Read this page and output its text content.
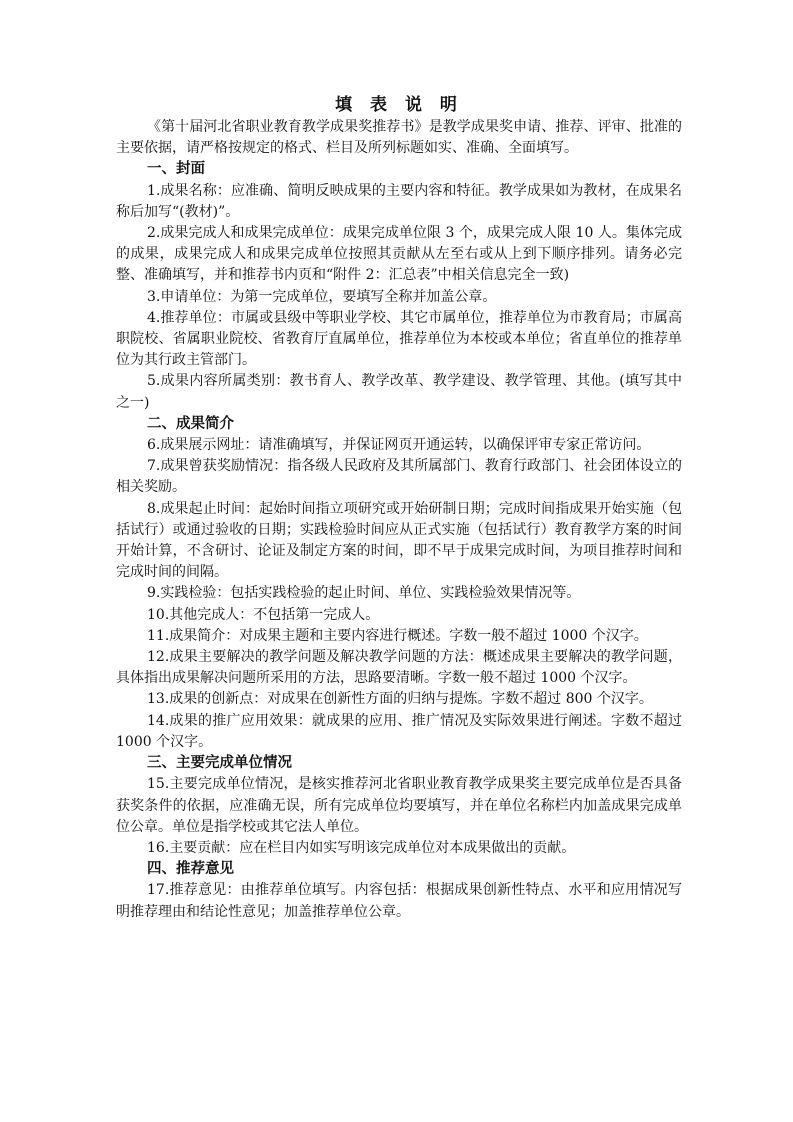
填 表 说 明

《第十届河北省职业教育教学成果奖推荐书》是教学成果奖申请、推荐、评审、批准的主要依据，请严格按规定的格式、栏目及所列标题如实、准确、全面填写。

一、封面

1.成果名称：应准确、简明反映成果的主要内容和特征。教学成果如为教材，在成果名称后加写“(教材)”。

2.成果完成人和成果完成单位：成果完成单位限 3 个，成果完成人限 10 人。集体完成的成果，成果完成人和成果完成单位按照其贡献从左至右或从上到下顺序排列。请务必完整、准确填写，并和推荐书内页和“附件 2：汇总表”中相关信息完全一致)

3.申请单位：为第一完成单位，要填写全称并加盖公章。

4.推荐单位：市属或县级中等职业学校、其它市属单位，推荐单位为市教育局；市属高职院校、省属职业院校、省教育厅直属单位，推荐单位为本校或本单位；省直单位的推荐单位为其行政主管部门。

5.成果内容所属类别：教书育人、教学改革、教学建设、教学管理、其他。(填写其中之一)

二、成果简介

6.成果展示网址：请准确填写，并保证网页开通运转，以确保评审专家正常访问。

7.成果曾获奖励情况：指各级人民政府及其所属部门、教育行政部门、社会团体设立的相关奖励。

8.成果起止时间：起始时间指立项研究或开始研制日期；完成时间指成果开始实施（包括试行）或通过验收的日期；实践检验时间应从正式实施（包括试行）教育教学方案的时间开始计算，不含研讨、论证及制定方案的时间，即不早于成果完成时间，为项目推荐时间和完成时间的间隔。

9.实践检验：包括实践检验的起止时间、单位、实践检验效果情况等。

10.其他完成人：不包括第一完成人。

11.成果简介：对成果主题和主要内容进行概述。字数一般不超过 1000 个汉字。

12.成果主要解决的教学问题及解决教学问题的方法：概述成果主要解决的教学问题，具体指出成果解决问题所采用的方法，思路要清晰。字数一般不超过 1000 个汉字。

13.成果的创新点：对成果在创新性方面的归纳与提炼。字数不超过 800 个汉字。

14.成果的推广应用效果：就成果的应用、推广情况及实际效果进行阐述。字数不超过 1000 个汉字。

三、主要完成单位情况

15.主要完成单位情况，是核实推荐河北省职业教育教学成果奖主要完成单位是否具备获奖条件的依据，应准确无误，所有完成单位均要填写，并在单位名称栏内加盖成果完成单位公章。单位是指学校或其它法人单位。

16.主要贡献：应在栏目内如实写明该完成单位对本成果做出的贡献。

四、推荐意见

17.推荐意见：由推荐单位填写。内容包括：根据成果创新性特点、水平和应用情况写明推荐理由和结论性意见；加盖推荐单位公章。
